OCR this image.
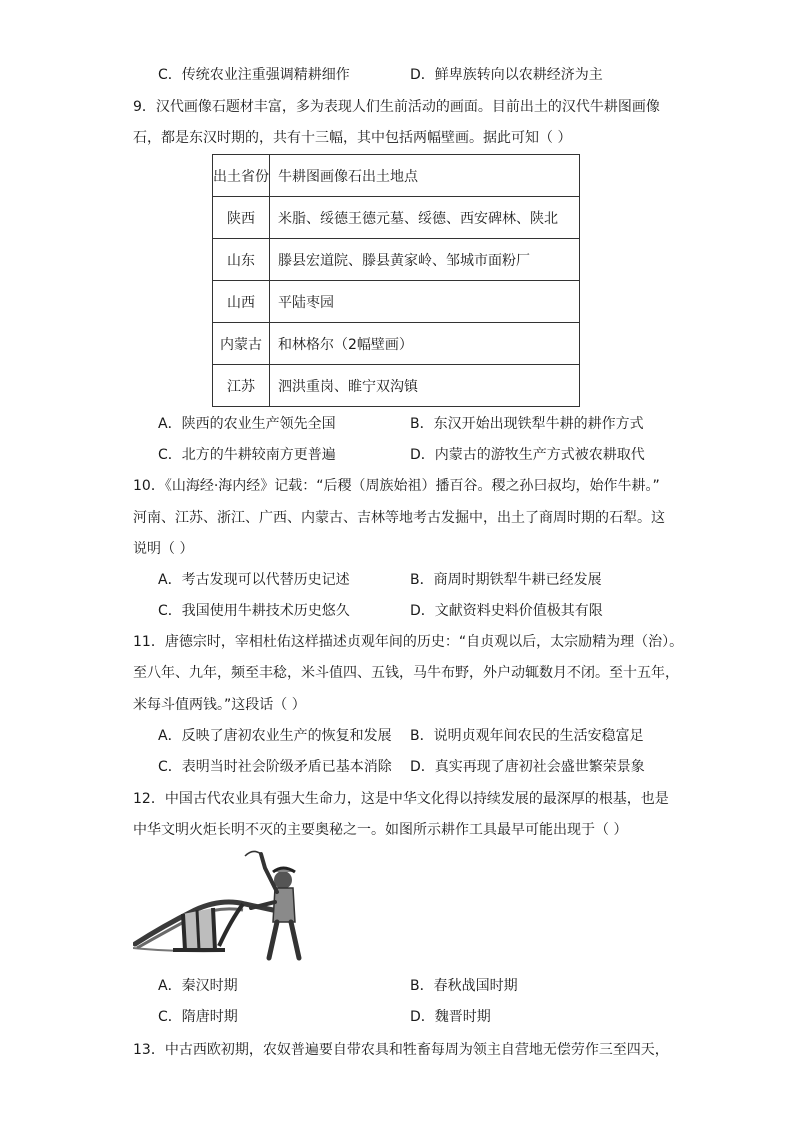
C．传统农业注重强调精耕细作	D．鲜卑族转向以农耕经济为主
9．汉代画像石题材丰富，多为表现人们生前活动的画面。目前出土的汉代牛耕图画像
石，都是东汉时期的，共有十三幅，其中包括两幅壁画。据此可知（ ）
出土省份	牛耕图画像石出土地点
陕西	米脂、绥德王德元墓、绥德、西安碑林、陕北
山东	滕县宏道院、滕县黄家岭、邹城市面粉厂
山西	平陆枣园
内蒙古	和林格尔（2幅壁画）
江苏	泗洪重岗、睢宁双沟镇
A．陕西的农业生产领先全国	B．东汉开始出现铁犁牛耕的耕作方式
C．北方的牛耕较南方更普遍	D．内蒙古的游牧生产方式被农耕取代
10．《山海经·海内经》记载：“后稷（周族始祖）播百谷。稷之孙曰叔均，始作牛耕。”
河南、江苏、浙江、广西、内蒙古、吉林等地考古发掘中，出土了商周时期的石犁。这
说明（ ）
A．考古发现可以代替历史记述	B．商周时期铁犁牛耕已经发展
C．我国使用牛耕技术历史悠久	D．文献资料史料价值极其有限
11．唐德宗时，宰相杜佑这样描述贞观年间的历史：“自贞观以后，太宗励精为理（治）。
至八年、九年，频至丰稔，米斗值四、五钱，马牛布野，外户动辄数月不闭。至十五年，
米每斗值两钱。”这段话（ ）
A．反映了唐初农业生产的恢复和发展 B．说明贞观年间农民的生活安稳富足
C．表明当时社会阶级矛盾已基本消除 D．真实再现了唐初社会盛世繁荣景象
12．中国古代农业具有强大生命力，这是中华文化得以持续发展的最深厚的根基，也是
中华文明火炬长明不灭的主要奥秘之一。如图所示耕作工具最早可能出现于（ ）
A．秦汉时期	B．春秋战国时期
C．隋唐时期	D．魏晋时期
13．中古西欧初期，农奴普遍要自带农具和牲畜每周为领主自营地无偿劳作三至四天，
